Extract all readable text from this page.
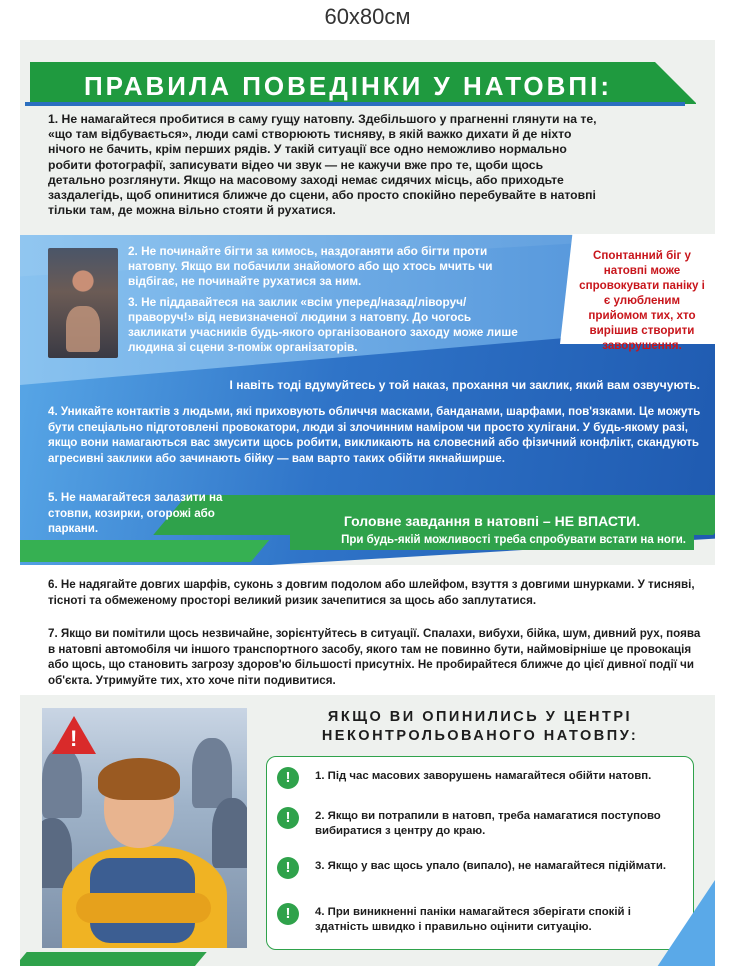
60x80см
ПРАВИЛА ПОВЕДІНКИ У НАТОВПІ:
1. Не намагайтеся пробитися в саму гущу натовпу. Здебільшого у прагненні глянути на те, «що там відбувається», люди самі створюють тисняву, в якій важко дихати й де ніхто нічого не бачить, крім перших рядів. У такій ситуації все одно неможливо нормально робити фотографії, записувати відео чи звук — не кажучи вже про те, щоби щось детально розглянути. Якщо на масовому заході немає сидячих місць, або приходьте заздалегідь, щоб опинитися ближче до сцени, або просто спокійно перебувайте в натовпі тільки там, де можна вільно стояти й рухатися.

2. Не починайте бігти за кимось, наздоганяти або бігти проти натовпу. Якщо ви побачили знайомого або що хтось мчить чи відбігає, не починайте рухатися за ним.

3. Не піддавайтеся на заклик «всім уперед/назад/ліворуч/праворуч!» від невизначеної людини з натовпу. До чогось закликати учасників будь-якого організованого заходу може лише людина зі сцени з-поміж організаторів.

Спонтанний біг у натовпі може спровокувати паніку і є улюбленим прийомом тих, хто вирішив створити заворушення.
І навіть тоді вдумуйтесь у той наказ, прохання чи заклик, який вам озвучують.
4. Уникайте контактів з людьми, які приховують обличчя масками, банданами, шарфами, пов'язками. Це можуть бути спеціально підготовлені провокатори, люди зі злочинним наміром чи просто хулігани. У будь-якому разі, якщо вони намагаються вас змусити щось робити, викликають на словесний або фізичний конфлікт, скандують агресивні заклики або зачинають бійку — вам варто таких обійти якнайширше.
5. Не намагайтеся залазити на стовпи, козирки, огорожі або паркани.	Головне завдання в натовпі – НЕ ВПАСТИ.
При будь-якій можливості треба спробувати встати на ноги.
6. Не надягайте довгих шарфів, суконь з довгим подолом або шлейфом, взуття з довгими шнурками. У тисняві, тісноті та обмеженому просторі великий ризик зачепитися за щось або заплутатися.
7. Якщо ви помітили щось незвичайне, зорієнтуйтесь в ситуації. Спалахи, вибухи, бійка, шум, дивний рух, поява в натовпі автомобіля чи іншого транспортного засобу, якого там не повинно бути, наймовірніше це провокація або щось, що становить загрозу здоров'ю більшості присутніх. Не пробирайтеся ближче до цієї дивної події чи об'єкта. Утримуйте тих, хто хоче піти подивитися.
!
ЯКЩО ВИ ОПИНИЛИСЬ У ЦЕНТРІ
НЕКОНТРОЛЬОВАНОГО НАТОВПУ:
!	1. Під час масових заворушень намагайтеся обійти натовп.
!	2. Якщо ви потрапили в натовп, треба намагатися поступово вибиратися з центру до краю.
!	3. Якщо у вас щось упало (випало), не намагайтеся підіймати.
!	4. При виникненні паніки намагайтеся зберігати спокій і здатність швидко і правильно оцінити ситуацію.
